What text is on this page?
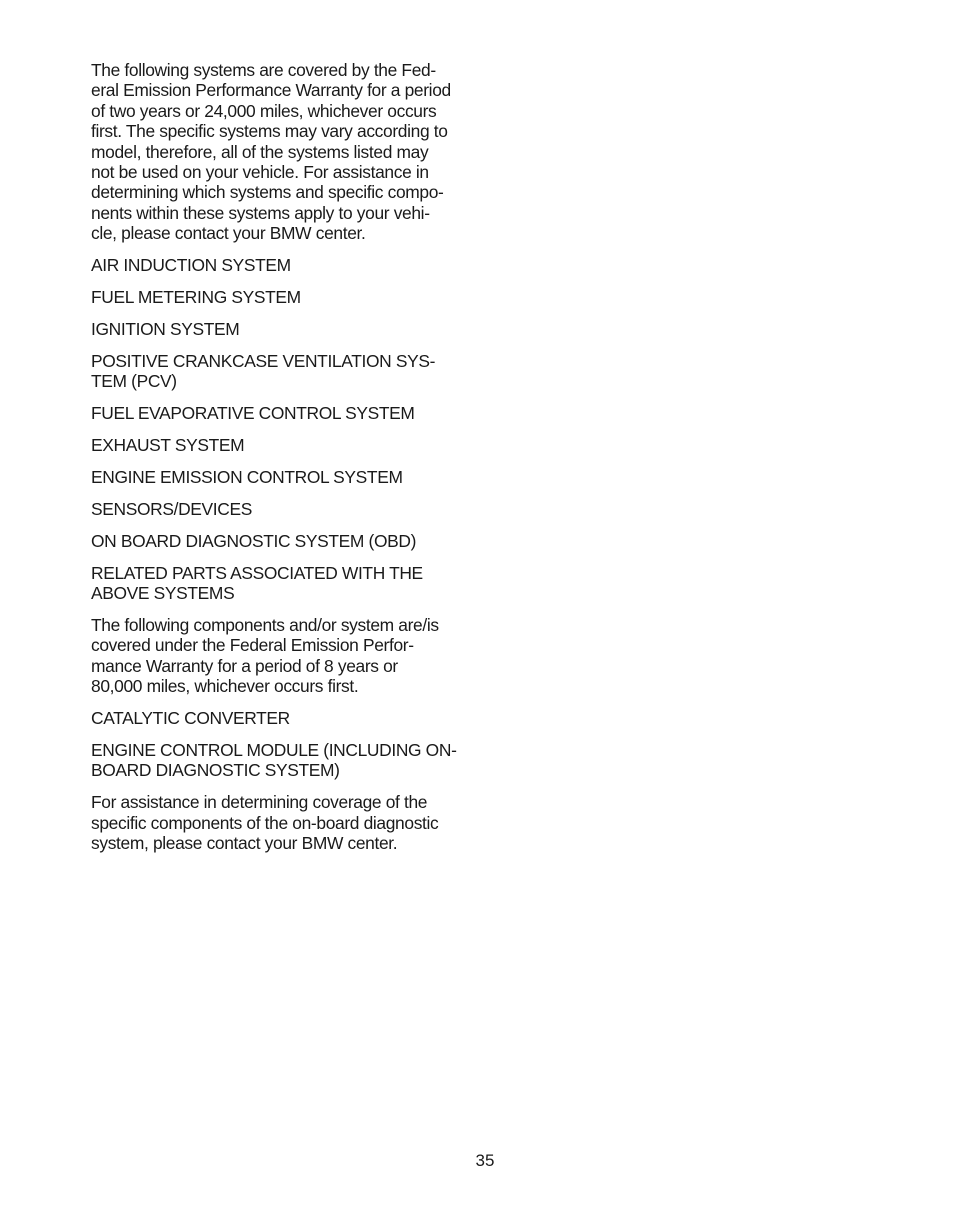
The following systems are covered by the Fed-
eral Emission Performance Warranty for a period
of two years or 24,000 miles, whichever occurs
first. The specific systems may vary according to
model, therefore, all of the systems listed may
not be used on your vehicle. For assistance in
determining which systems and specific compo-
nents within these systems apply to your vehi-
cle, please contact your BMW center.

AIR INDUCTION SYSTEM

FUEL METERING SYSTEM

IGNITION SYSTEM

POSITIVE CRANKCASE VENTILATION SYS-
TEM (PCV)

FUEL EVAPORATIVE CONTROL SYSTEM

EXHAUST SYSTEM

ENGINE EMISSION CONTROL SYSTEM

SENSORS/DEVICES

ON BOARD DIAGNOSTIC SYSTEM (OBD)

RELATED PARTS ASSOCIATED WITH THE
ABOVE SYSTEMS

The following components and/or system are/is
covered under the Federal Emission Perfor-
mance Warranty for a period of 8 years or
80,000 miles, whichever occurs first.

CATALYTIC CONVERTER

ENGINE CONTROL MODULE (INCLUDING ON-
BOARD DIAGNOSTIC SYSTEM)

For assistance in determining coverage of the
specific components of the on-board diagnostic
system, please contact your BMW center.

35
